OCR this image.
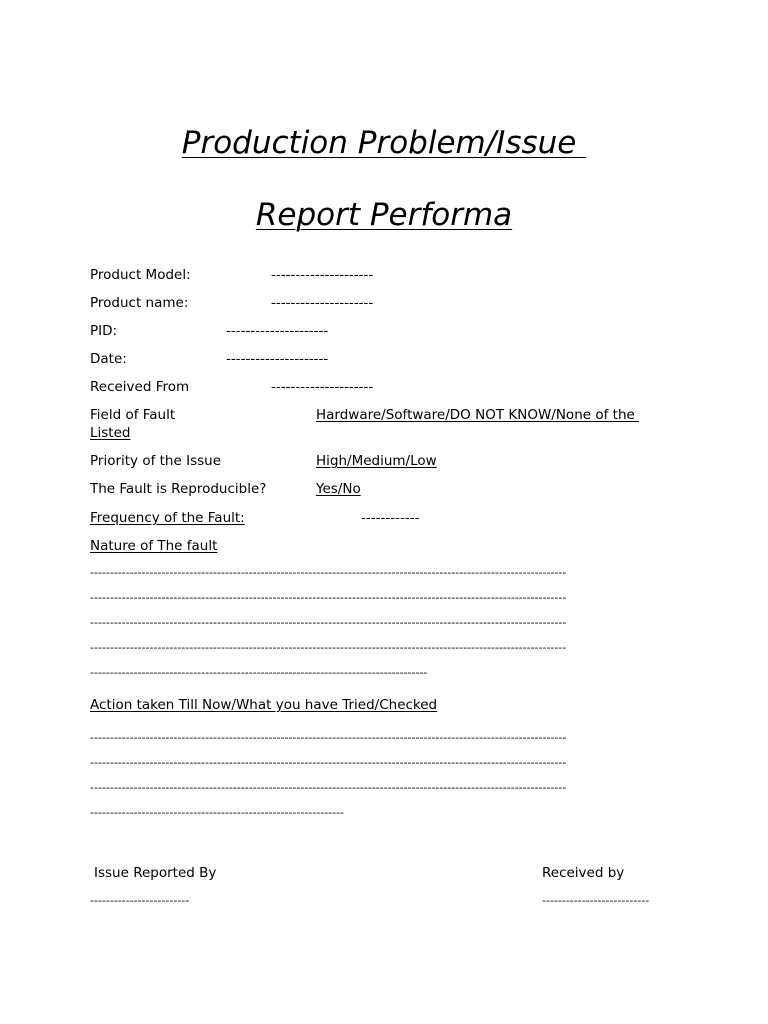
Production Problem/Issue
Report Performa
Product Model:	---------------------
Product name:	---------------------
PID:	---------------------
Date:	---------------------
Received From	---------------------
Field of Fault	Hardware/Software/DO NOT KNOW/None of the
Listed
Priority of the Issue	High/Medium/Low
The Fault is Reproducible?	Yes/No
Frequency of the Fault:	------------
Nature of The fault
------------------------------------------------------------------------------------------------------------------------
------------------------------------------------------------------------------------------------------------------------
------------------------------------------------------------------------------------------------------------------------
------------------------------------------------------------------------------------------------------------------------
-------------------------------------------------------------------------------------
Action taken Till Now/What you have Tried/Checked
------------------------------------------------------------------------------------------------------------------------
------------------------------------------------------------------------------------------------------------------------
------------------------------------------------------------------------------------------------------------------------
----------------------------------------------------------------
Issue Reported By
-------------------------
Received by
---------------------------
